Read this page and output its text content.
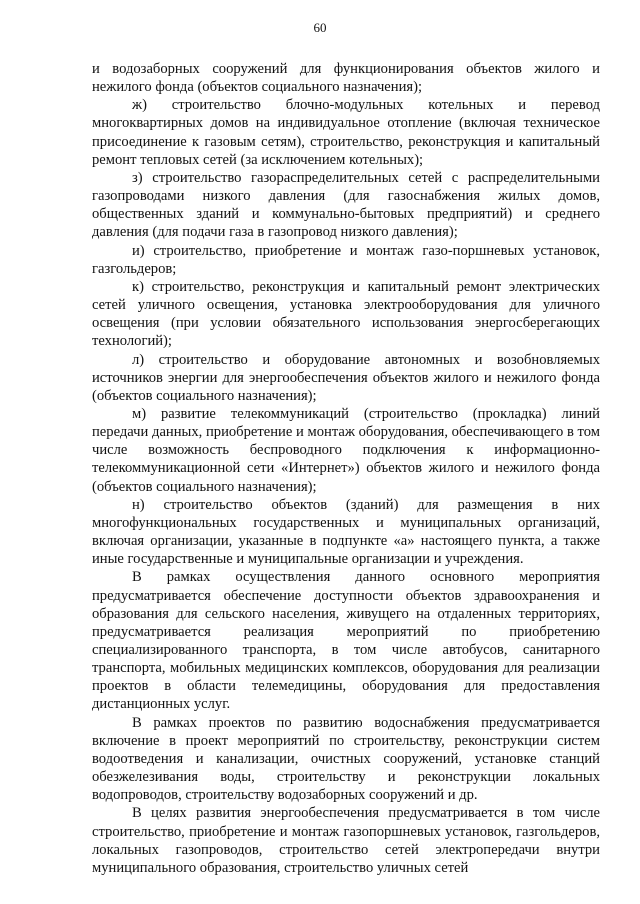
60

и водозаборных сооружений для функционирования объектов жилого и нежилого фонда (объектов социального назначения);

ж) строительство блочно-модульных котельных и перевод многоквартирных домов на индивидуальное отопление (включая техническое присоединение к газовым сетям), строительство, реконструкция и капитальный ремонт тепловых сетей (за исключением котельных);

з) строительство газораспределительных сетей с распределительными газопроводами низкого давления (для газоснабжения жилых домов, общественных зданий и коммунально-бытовых предприятий) и среднего давления (для подачи газа в газопровод низкого давления);

и) строительство, приобретение и монтаж газо-поршневых установок, газгольдеров;

к) строительство, реконструкция и капитальный ремонт электрических сетей уличного освещения, установка электрооборудования для уличного освещения (при условии обязательного использования энергосберегающих технологий);

л) строительство и оборудование автономных и возобновляемых источников энергии для энергообеспечения объектов жилого и нежилого фонда (объектов социального назначения);

м) развитие телекоммуникаций (строительство (прокладка) линий передачи данных, приобретение и монтаж оборудования, обеспечивающего в том числе возможность беспроводного подключения к информационно-телекоммуникационной сети «Интернет») объектов жилого и нежилого фонда (объектов социального назначения);

н) строительство объектов (зданий) для размещения в них многофункциональных государственных и муниципальных организаций, включая организации, указанные в подпункте «а» настоящего пункта, а также иные государственные и муниципальные организации и учреждения.

В рамках осуществления данного основного мероприятия предусматривается обеспечение доступности объектов здравоохранения и образования для сельского населения, живущего на отдаленных территориях, предусматривается реализация мероприятий по приобретению специализированного транспорта, в том числе автобусов, санитарного транспорта, мобильных медицинских комплексов, оборудования для реализации проектов в области телемедицины, оборудования для предоставления дистанционных услуг.

В рамках проектов по развитию водоснабжения предусматривается включение в проект мероприятий по строительству, реконструкции систем водоотведения и канализации, очистных сооружений, установке станций обезжелезивания воды, строительству и реконструкции локальных водопроводов, строительству водозаборных сооружений и др.

В целях развития энергообеспечения предусматривается в том числе строительство, приобретение и монтаж газопоршневых установок, газгольдеров, локальных газопроводов, строительство сетей электропередачи внутри муниципального образования, строительство уличных сетей
